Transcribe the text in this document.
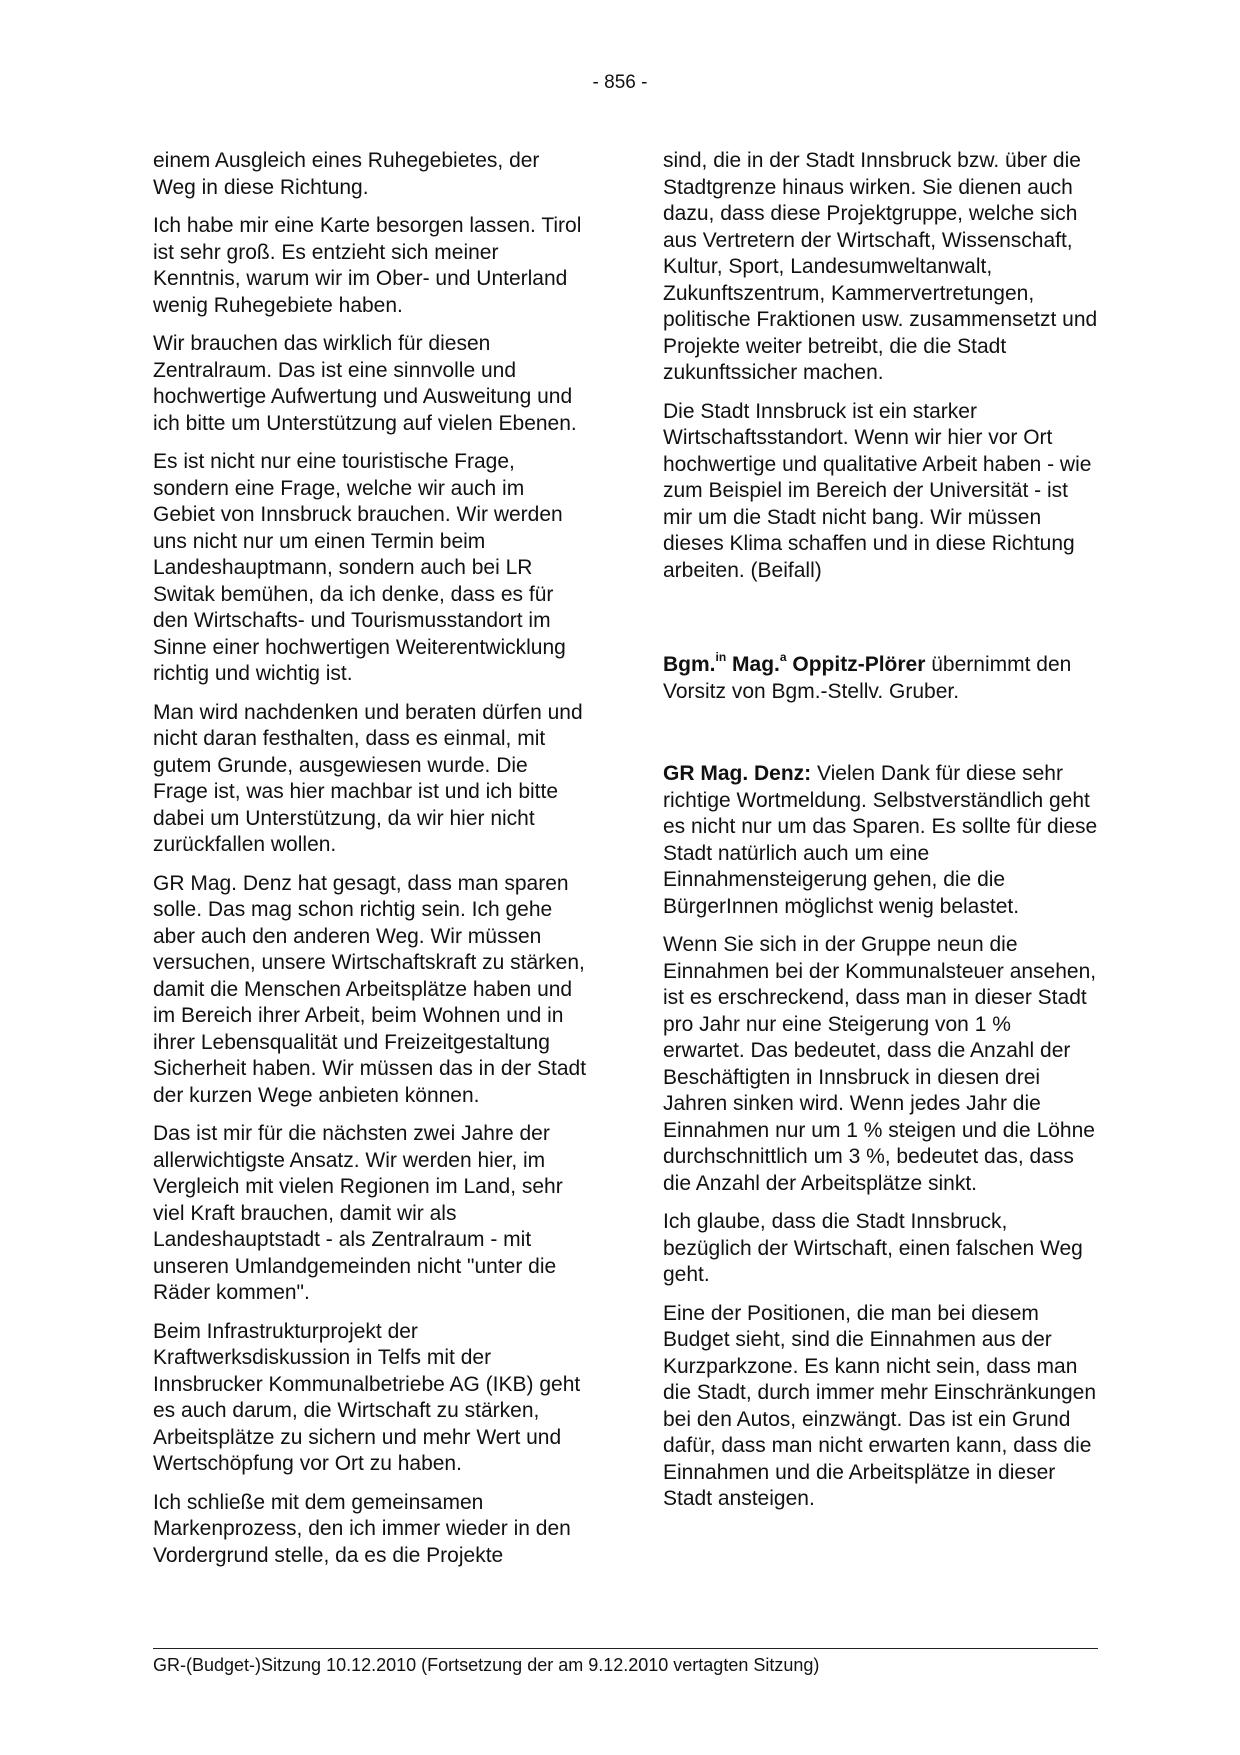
- 856 -

einem Ausgleich eines Ruhegebietes, der Weg in diese Richtung.

Ich habe mir eine Karte besorgen lassen. Tirol ist sehr groß. Es entzieht sich meiner Kenntnis, warum wir im Ober- und Unterland wenig Ruhegebiete haben.

Wir brauchen das wirklich für diesen Zentralraum. Das ist eine sinnvolle und hochwertige Aufwertung und Ausweitung und ich bitte um Unterstützung auf vielen Ebenen.

Es ist nicht nur eine touristische Frage, sondern eine Frage, welche wir auch im Gebiet von Innsbruck brauchen. Wir werden uns nicht nur um einen Termin beim Landeshauptmann, sondern auch bei LR Switak bemühen, da ich denke, dass es für den Wirtschafts- und Tourismusstandort im Sinne einer hochwertigen Weiterentwicklung richtig und wichtig ist.

Man wird nachdenken und beraten dürfen und nicht daran festhalten, dass es einmal, mit gutem Grunde, ausgewiesen wurde. Die Frage ist, was hier machbar ist und ich bitte dabei um Unterstützung, da wir hier nicht zurückfallen wollen.

GR Mag. Denz hat gesagt, dass man sparen solle. Das mag schon richtig sein. Ich gehe aber auch den anderen Weg. Wir müssen versuchen, unsere Wirtschaftskraft zu stärken, damit die Menschen Arbeitsplätze haben und im Bereich ihrer Arbeit, beim Wohnen und in ihrer Lebensqualität und Freizeitgestaltung Sicherheit haben. Wir müssen das in der Stadt der kurzen Wege anbieten können.

Das ist mir für die nächsten zwei Jahre der allerwichtigste Ansatz. Wir werden hier, im Vergleich mit vielen Regionen im Land, sehr viel Kraft brauchen, damit wir als Landeshauptstadt - als Zentralraum - mit unseren Umlandgemeinden nicht "unter die Räder kommen".

Beim Infrastrukturprojekt der Kraftwerksdiskussion in Telfs mit der Innsbrucker Kommunalbetriebe AG (IKB) geht es auch darum, die Wirtschaft zu stärken, Arbeitsplätze zu sichern und mehr Wert und Wertschöpfung vor Ort zu haben.

Ich schließe mit dem gemeinsamen Markenprozess, den ich immer wieder in den Vordergrund stelle, da es die Projekte

sind, die in der Stadt Innsbruck bzw. über die Stadtgrenze hinaus wirken. Sie dienen auch dazu, dass diese Projektgruppe, welche sich aus Vertretern der Wirtschaft, Wissenschaft, Kultur, Sport, Landesumweltanwalt, Zukunftszentrum, Kammervertretungen, politische Fraktionen usw. zusammensetzt und Projekte weiter betreibt, die die Stadt zukunftssicher machen.

Die Stadt Innsbruck ist ein starker Wirtschaftsstandort. Wenn wir hier vor Ort hochwertige und qualitative Arbeit haben - wie zum Beispiel im Bereich der Universität - ist mir um die Stadt nicht bang. Wir müssen dieses Klima schaffen und in diese Richtung arbeiten. (Beifall)

Bgm.$^{in}$ Mag.$^a$ Oppitz-Plörer übernimmt den Vorsitz von Bgm.-Stellv. Gruber.

GR Mag. Denz: Vielen Dank für diese sehr richtige Wortmeldung. Selbstverständlich geht es nicht nur um das Sparen. Es sollte für diese Stadt natürlich auch um eine Einnahmensteigerung gehen, die die BürgerInnen möglichst wenig belastet.

Wenn Sie sich in der Gruppe neun die Einnahmen bei der Kommunalsteuer ansehen, ist es erschreckend, dass man in dieser Stadt pro Jahr nur eine Steigerung von 1 % erwartet. Das bedeutet, dass die Anzahl der Beschäftigten in Innsbruck in diesen drei Jahren sinken wird. Wenn jedes Jahr die Einnahmen nur um 1 % steigen und die Löhne durchschnittlich um 3 %, bedeutet das, dass die Anzahl der Arbeitsplätze sinkt.

Ich glaube, dass die Stadt Innsbruck, bezüglich der Wirtschaft, einen falschen Weg geht.

Eine der Positionen, die man bei diesem Budget sieht, sind die Einnahmen aus der Kurzparkzone. Es kann nicht sein, dass man die Stadt, durch immer mehr Einschränkungen bei den Autos, einzwängt. Das ist ein Grund dafür, dass man nicht erwarten kann, dass die Einnahmen und die Arbeitsplätze in dieser Stadt ansteigen.

GR-(Budget-)Sitzung 10.12.2010 (Fortsetzung der am 9.12.2010 vertagten Sitzung)
